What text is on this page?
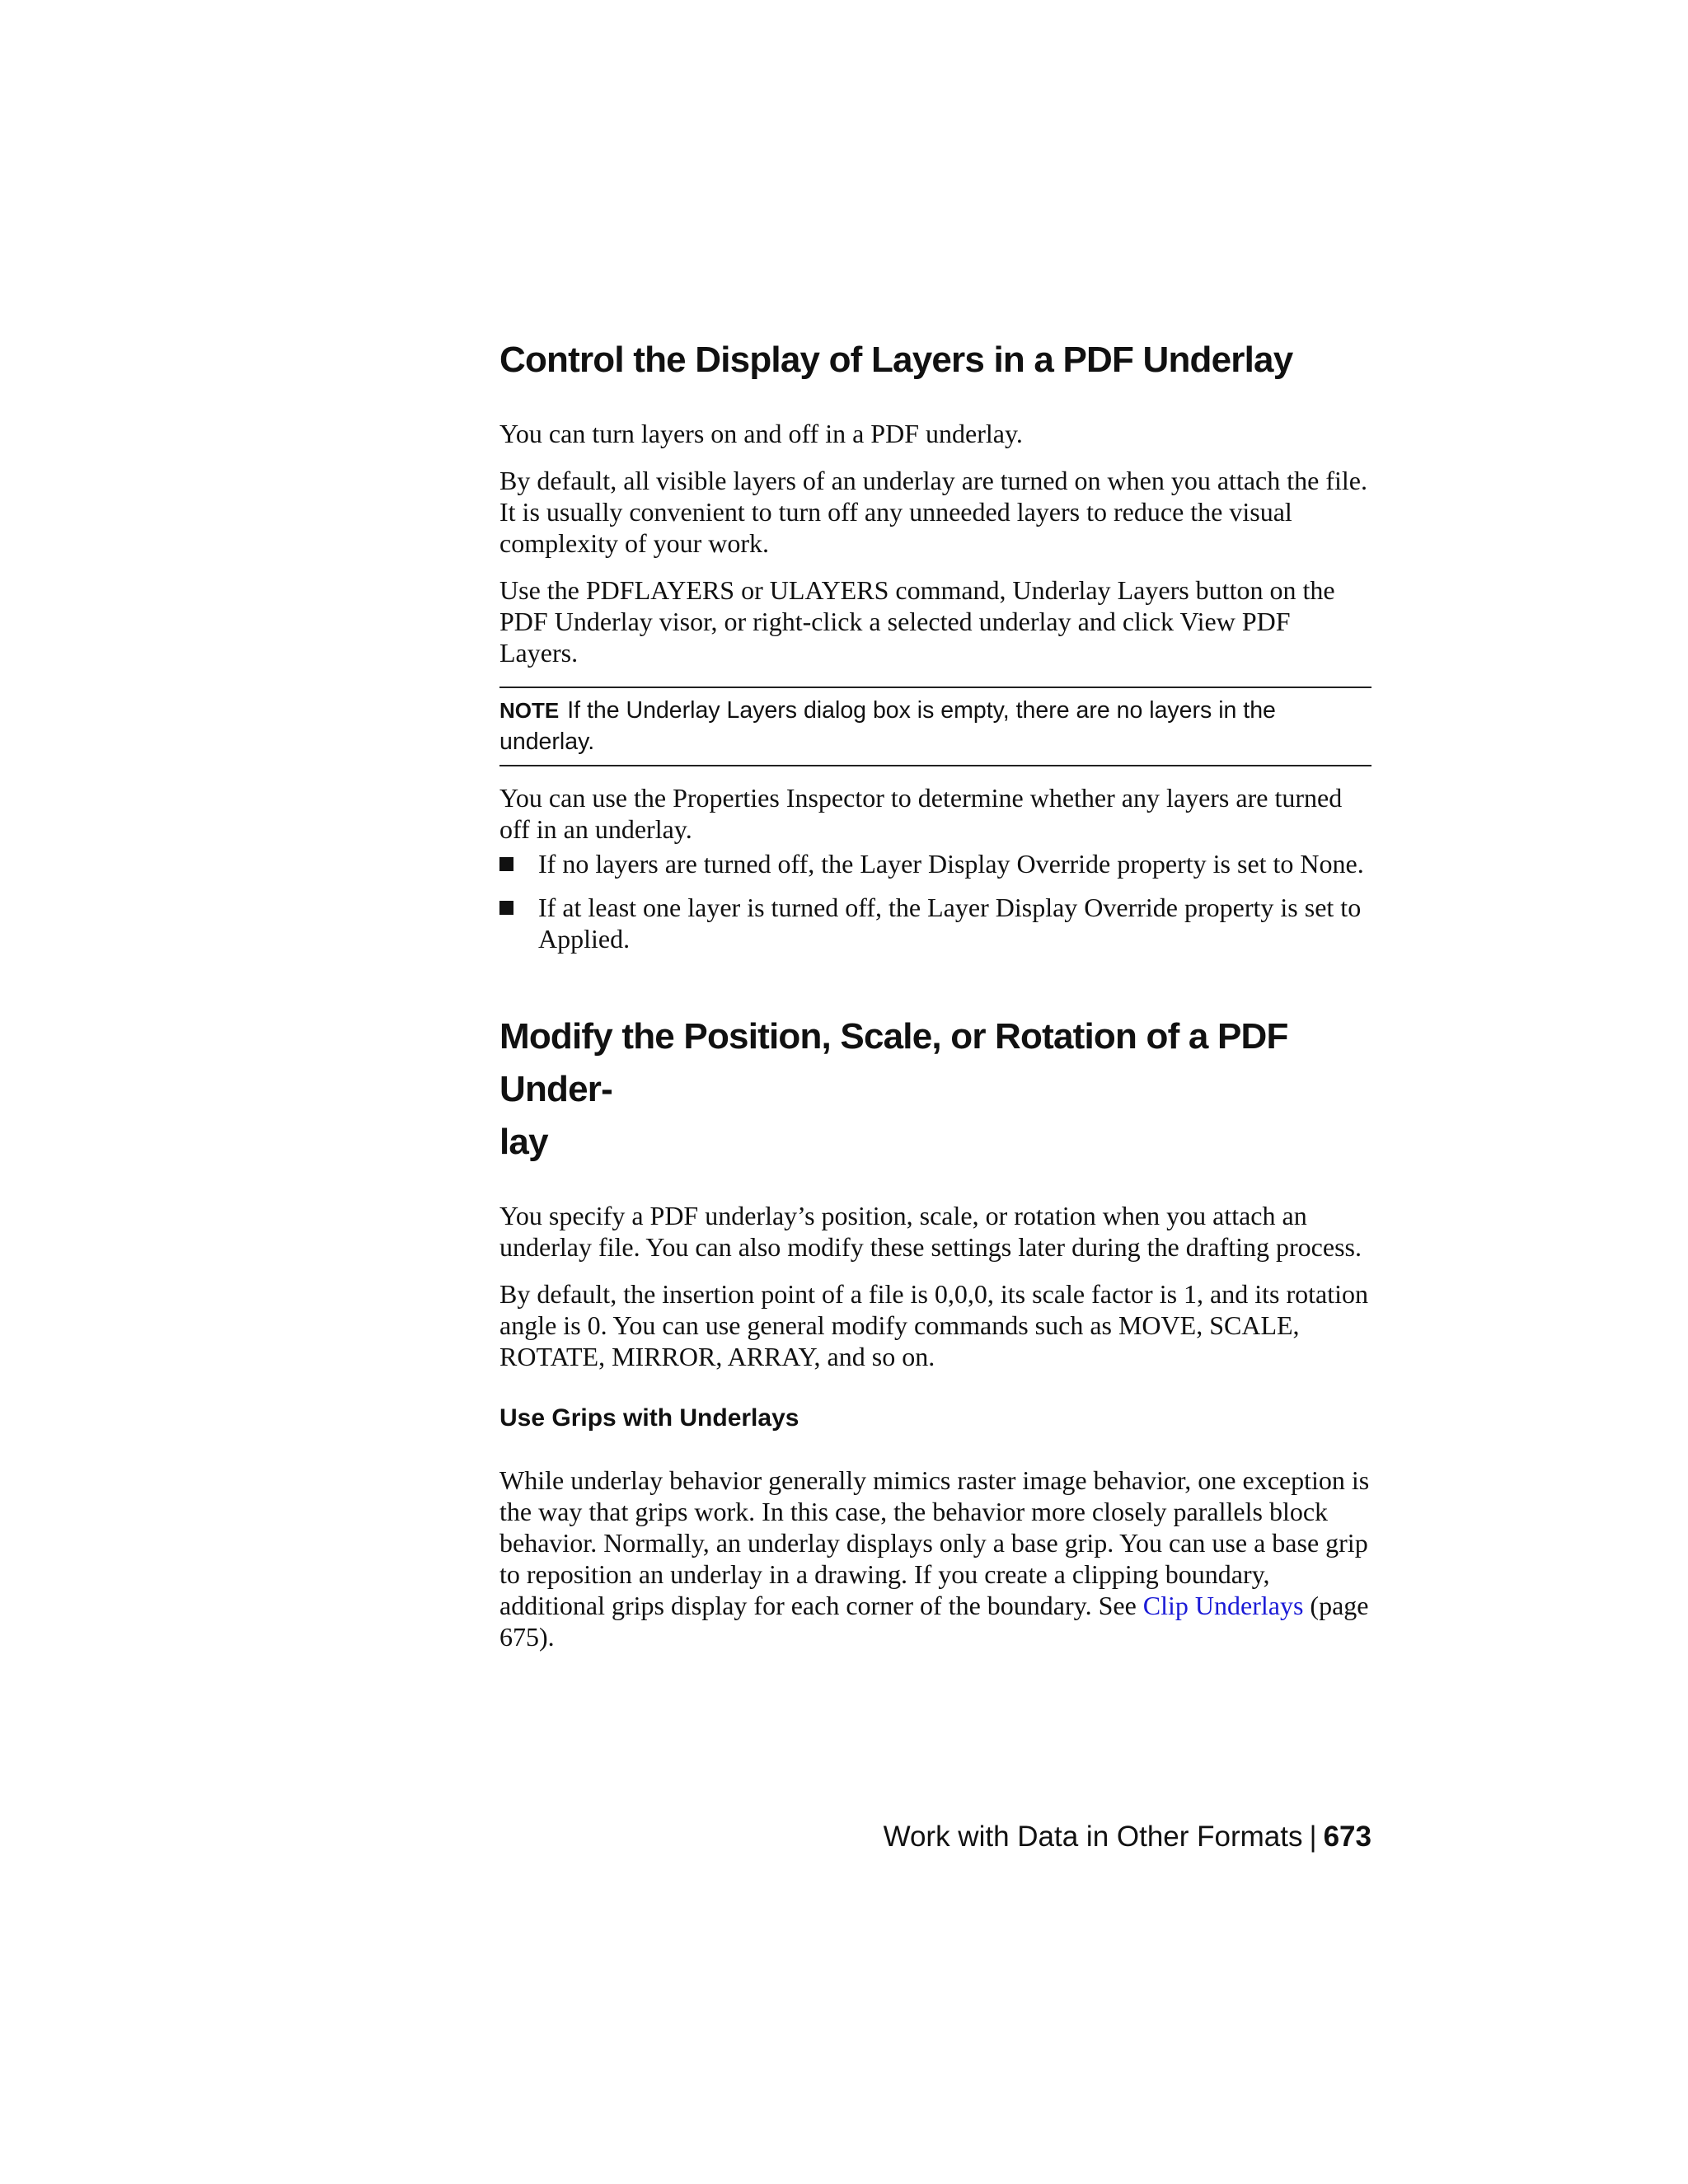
Control the Display of Layers in a PDF Underlay

You can turn layers on and off in a PDF underlay.

By default, all visible layers of an underlay are turned on when you attach the file. It is usually convenient to turn off any unneeded layers to reduce the visual complexity of your work.

Use the PDFLAYERS or ULAYERS command, Underlay Layers button on the PDF Underlay visor, or right-click a selected underlay and click View PDF Layers.

NOTE If the Underlay Layers dialog box is empty, there are no layers in the underlay.

You can use the Properties Inspector to determine whether any layers are turned off in an underlay.

If no layers are turned off, the Layer Display Override property is set to None.
If at least one layer is turned off, the Layer Display Override property is set to Applied.
Modify the Position, Scale, or Rotation of a PDF Under-
lay

You specify a PDF underlay’s position, scale, or rotation when you attach an underlay file. You can also modify these settings later during the drafting process.

By default, the insertion point of a file is 0,0,0, its scale factor is 1, and its rotation angle is 0. You can use general modify commands such as MOVE, SCALE, ROTATE, MIRROR, ARRAY, and so on.

Use Grips with Underlays

While underlay behavior generally mimics raster image behavior, one exception is the way that grips work. In this case, the behavior more closely parallels block behavior. Normally, an underlay displays only a base grip. You can use a base grip to reposition an underlay in a drawing. If you create a clipping boundary, additional grips display for each corner of the boundary. See Clip Underlays (page 675).

Work with Data in Other Formats | 673
